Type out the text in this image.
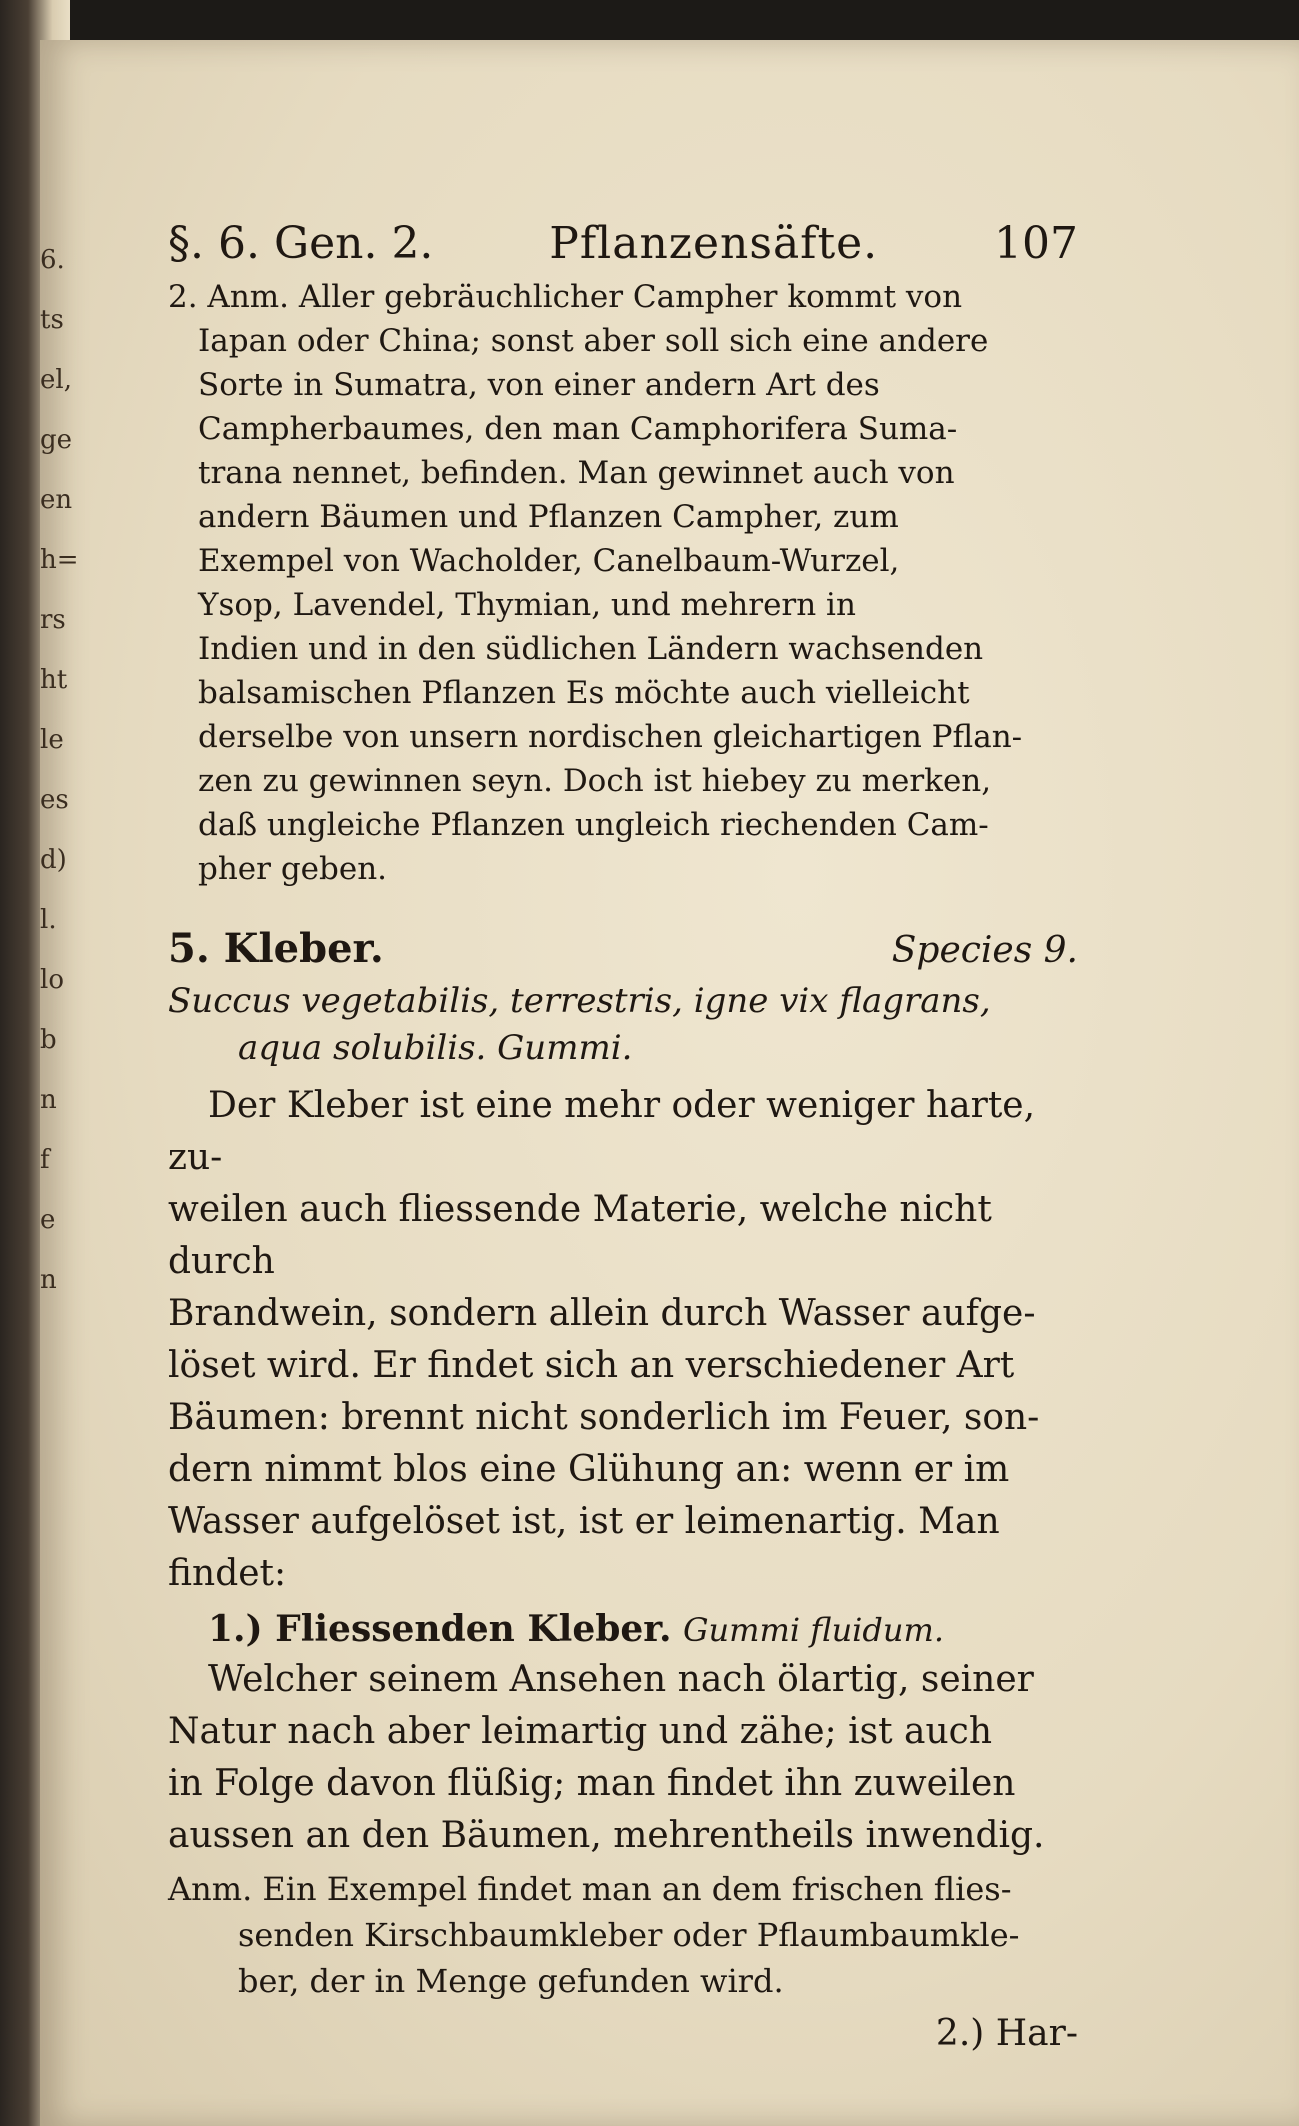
6.
ts
el,
ge
en
h=
rs
ht
le
es
d)
l.
lo
b
n
f
e
n
§. 6. Gen. 2.	Pflanzensäfte.	107

2. Anm. Aller gebräuchlicher Campher kommt von

Iapan oder China; sonst aber soll sich eine andere

Sorte in Sumatra, von einer andern Art des

Campherbaumes, den man Camphorifera Suma-

trana nennet, befinden. Man gewinnet auch von

andern Bäumen und Pflanzen Campher, zum

Exempel von Wacholder, Canelbaum-Wurzel,

Ysop, Lavendel, Thymian, und mehrern in

Indien und in den südlichen Ländern wachsenden

balsamischen Pflanzen Es möchte auch vielleicht

derselbe von unsern nordischen gleichartigen Pflan-

zen zu gewinnen seyn. Doch ist hiebey zu merken,

daß ungleiche Pflanzen ungleich riechenden Cam-

pher geben.

5. Kleber.	Species 9.

Succus vegetabilis, terrestris, igne vix flagrans,

aqua solubilis. Gummi.

Der Kleber ist eine mehr oder weniger harte, zu-

weilen auch fliessende Materie, welche nicht durch

Brandwein, sondern allein durch Wasser aufge-

löset wird. Er findet sich an verschiedener Art

Bäumen: brennt nicht sonderlich im Feuer, son-

dern nimmt blos eine Glühung an: wenn er im

Wasser aufgelöset ist, ist er leimenartig. Man

findet:

1.) Fliessenden Kleber. Gummi fluidum.

Welcher seinem Ansehen nach ölartig, seiner

Natur nach aber leimartig und zähe; ist auch

in Folge davon flüßig; man findet ihn zuweilen

aussen an den Bäumen, mehrentheils inwendig.

Anm. Ein Exempel findet man an dem frischen flies-

senden Kirschbaumkleber oder Pflaumbaumkle-

ber, der in Menge gefunden wird.

2.) Har-
